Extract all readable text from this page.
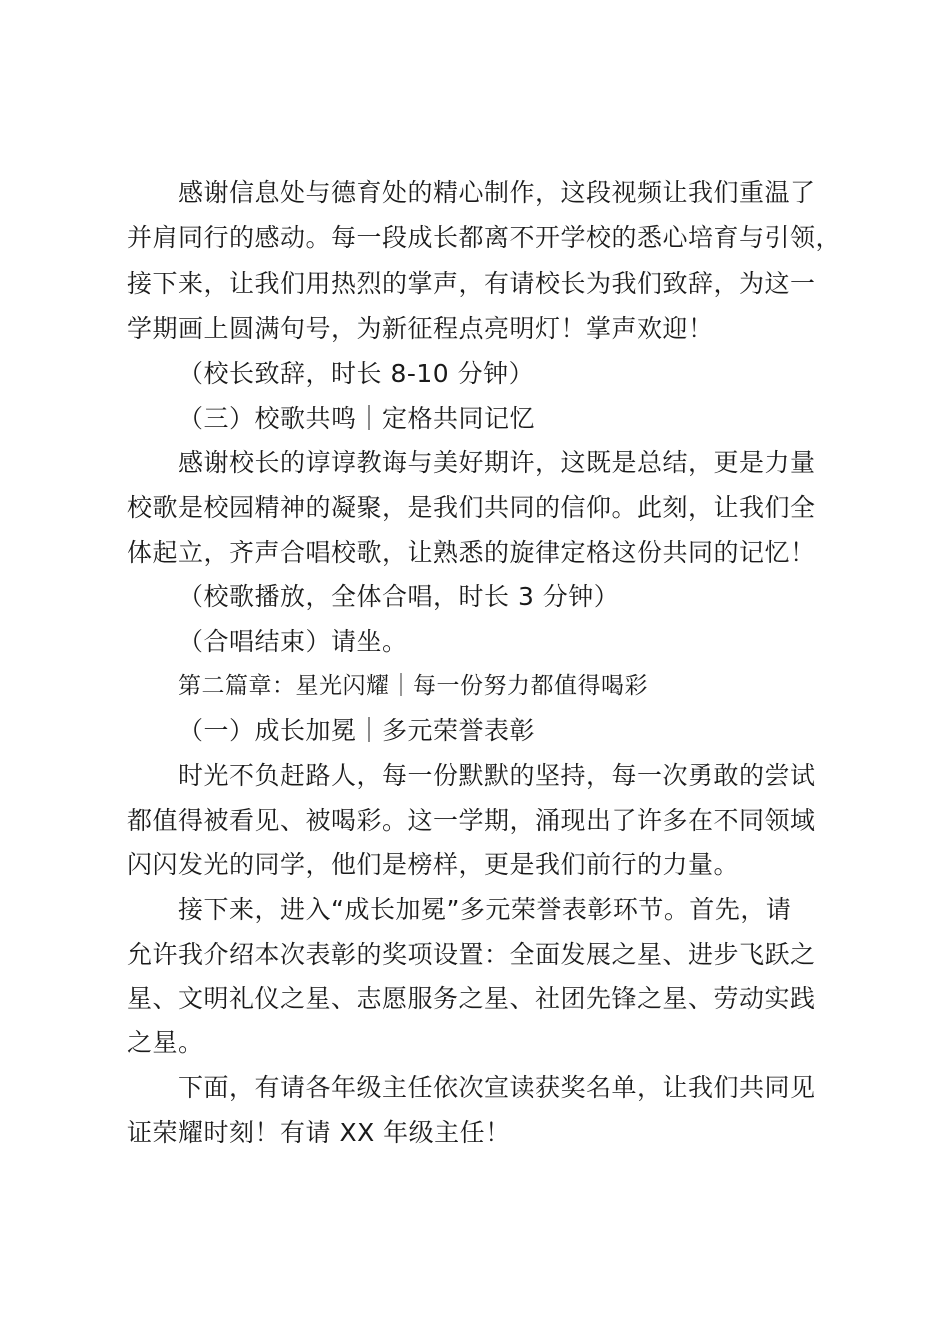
感谢信息处与德育处的精心制作，这段视频让我们重温了
并肩同行的感动。每一段成长都离不开学校的悉心培育与引领，
接下来，让我们用热烈的掌声，有请校长为我们致辞，为这一
学期画上圆满句号，为新征程点亮明灯！掌声欢迎！
（校长致辞，时长 8-10 分钟）
（三）校歌共鸣｜定格共同记忆
感谢校长的谆谆教诲与美好期许，这既是总结，更是力量
校歌是校园精神的凝聚，是我们共同的信仰。此刻，让我们全
体起立，齐声合唱校歌，让熟悉的旋律定格这份共同的记忆！
（校歌播放，全体合唱，时长 3 分钟）
（合唱结束）请坐。
第二篇章：星光闪耀｜每一份努力都值得喝彩
（一）成长加冕｜多元荣誉表彰
时光不负赶路人，每一份默默的坚持，每一次勇敢的尝试
都值得被看见、被喝彩。这一学期，涌现出了许多在不同领域
闪闪发光的同学，他们是榜样，更是我们前行的力量。
接下来，进入“成长加冕”多元荣誉表彰环节。首先，请
允许我介绍本次表彰的奖项设置：全面发展之星、进步飞跃之
星、文明礼仪之星、志愿服务之星、社团先锋之星、劳动实践
之星。
下面，有请各年级主任依次宣读获奖名单，让我们共同见
证荣耀时刻！有请 XX 年级主任！
